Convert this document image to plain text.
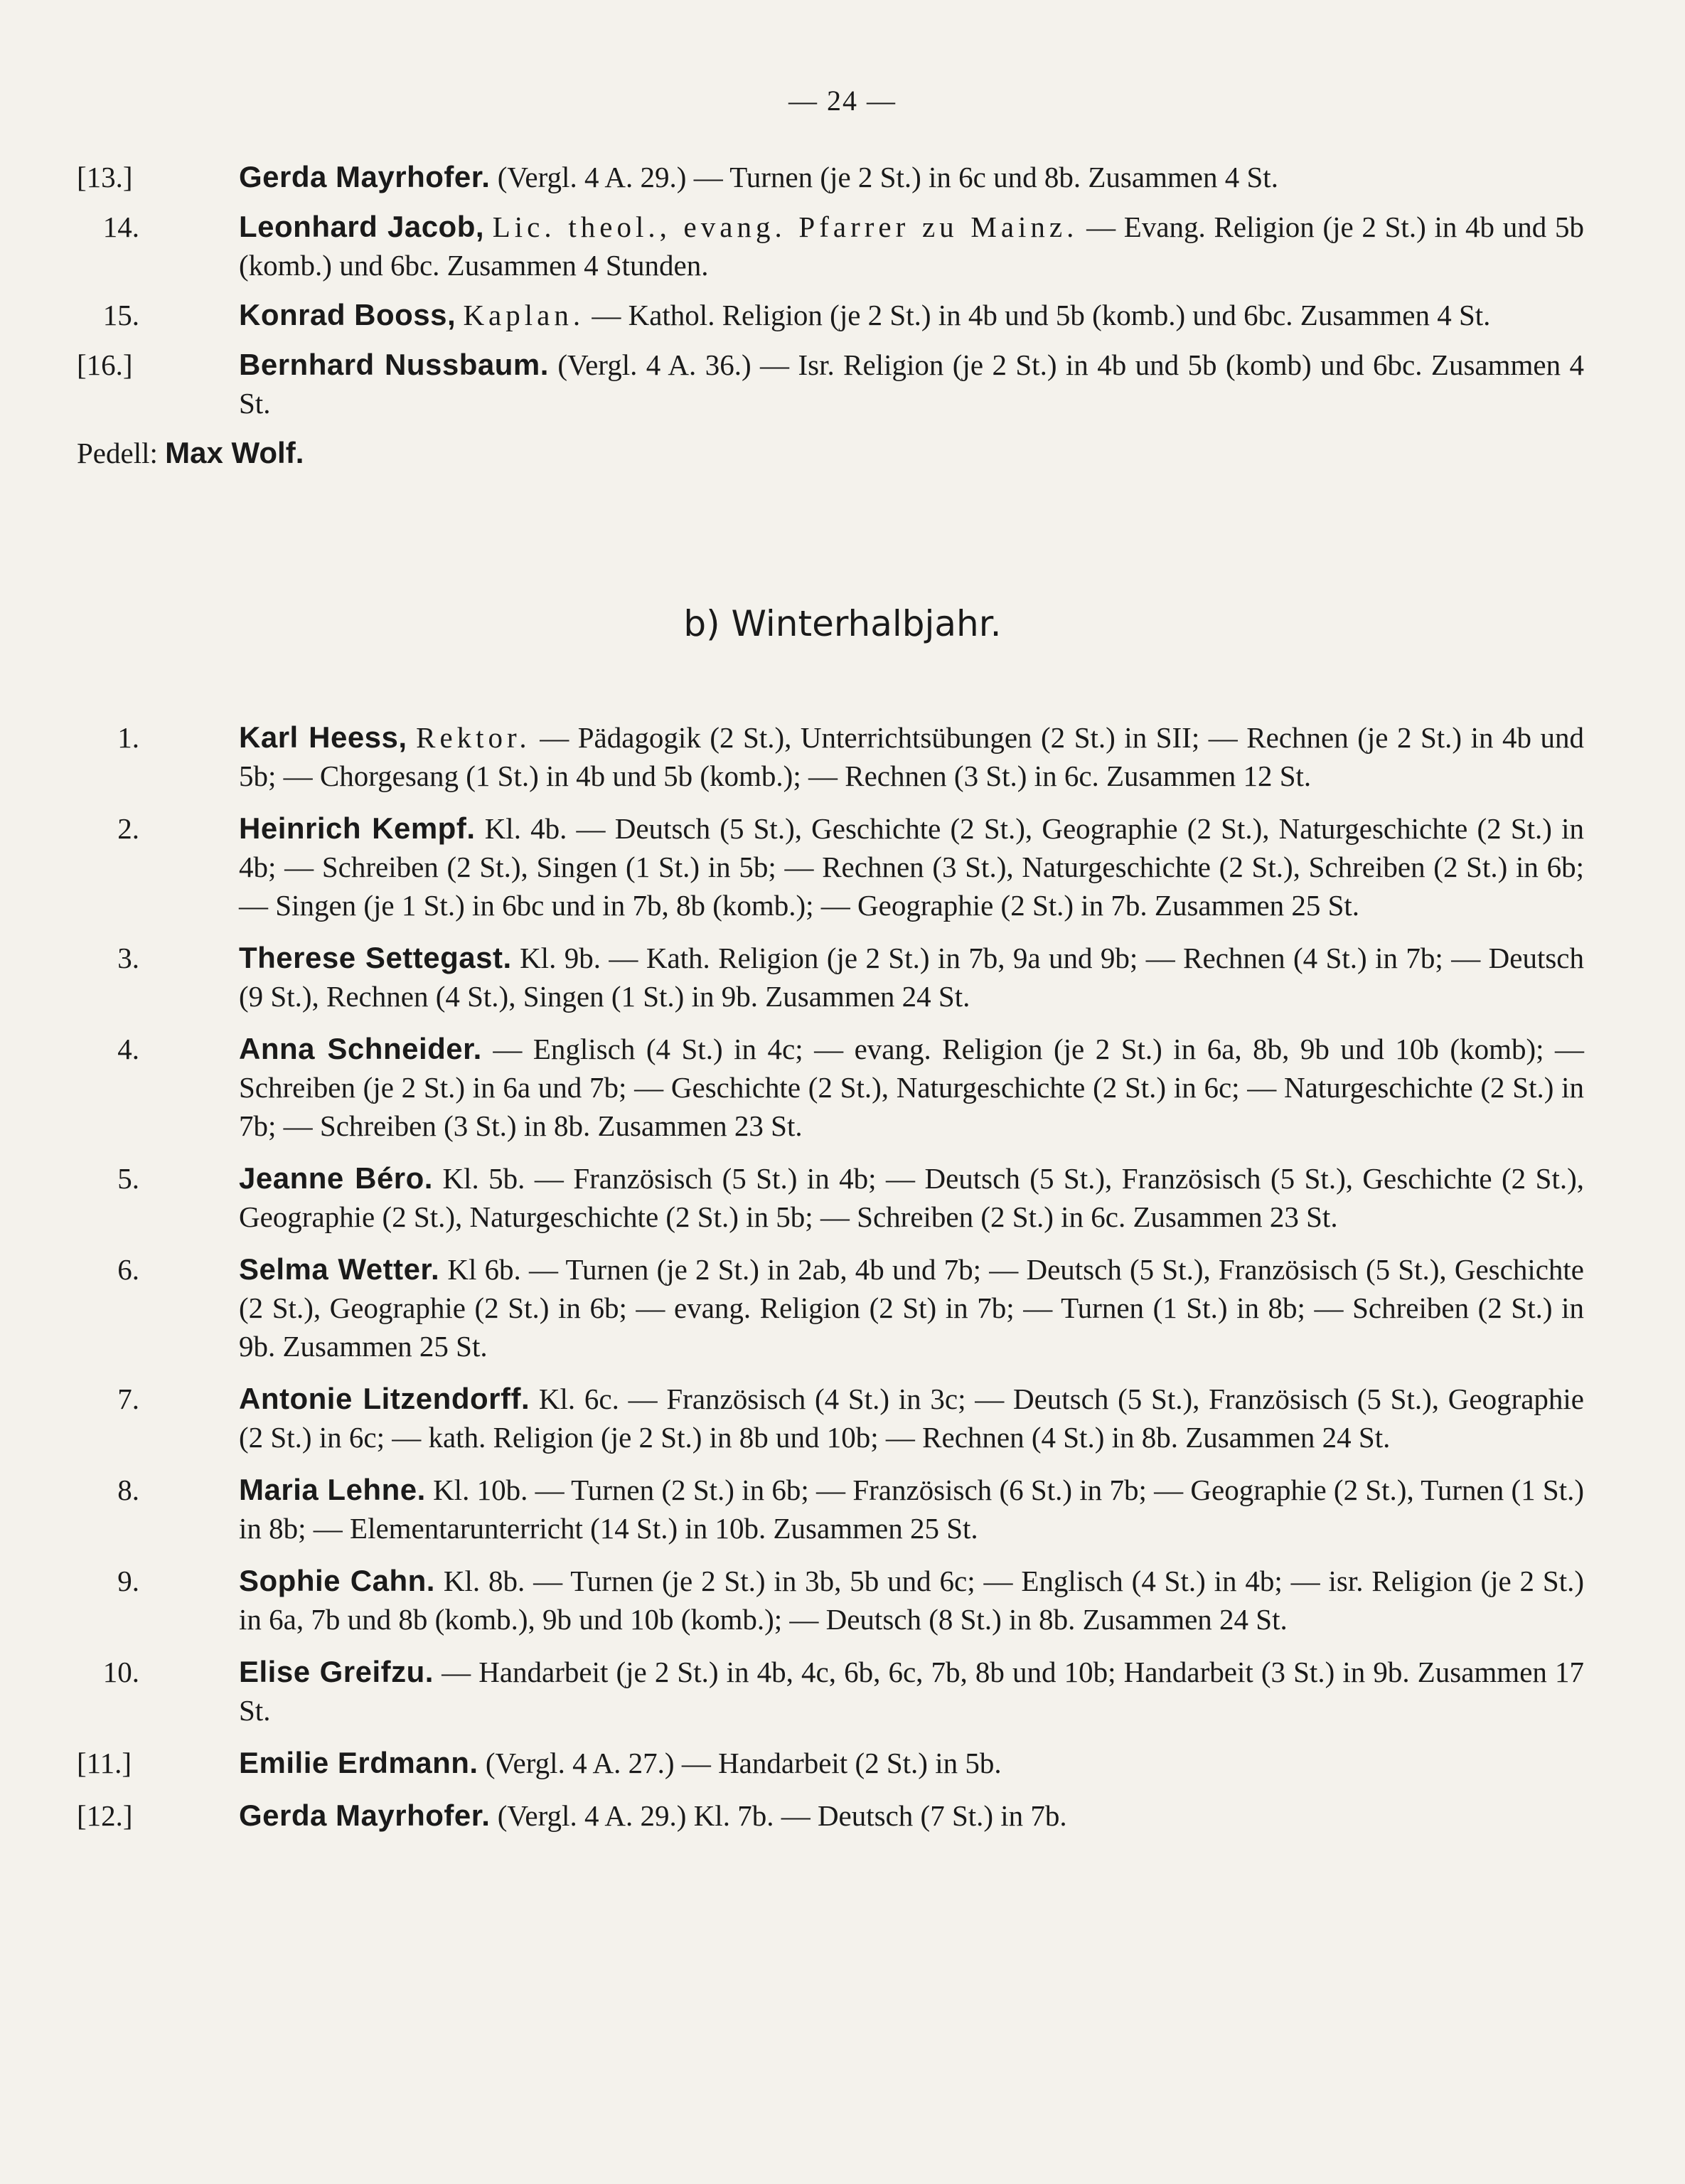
— 24 —
[13.]	Gerda Mayrhofer. (Vergl. 4 A. 29.) — Turnen (je 2 St.) in 6c und 8b. Zusammen 4 St.
14.	Leonhard Jacob, Lic. theol., evang. Pfarrer zu Mainz. — Evang. Religion (je 2 St.) in 4b und 5b (komb.) und 6bc. Zusammen 4 Stunden.
15.	Konrad Booss, Kaplan. — Kathol. Religion (je 2 St.) in 4b und 5b (komb.) und 6bc. Zusammen 4 St.
[16.]	Bernhard Nussbaum. (Vergl. 4 A. 36.) — Isr. Religion (je 2 St.) in 4b und 5b (komb) und 6bc. Zusammen 4 St.
Pedell: Max Wolf.
b) Winterhalbjahr.
1.	Karl Heess, Rektor. — Pädagogik (2 St.), Unterrichtsübungen (2 St.) in SII; — Rechnen (je 2 St.) in 4b und 5b; — Chorgesang (1 St.) in 4b und 5b (komb.); — Rechnen (3 St.) in 6c. Zusammen 12 St.
2.	Heinrich Kempf. Kl. 4b. — Deutsch (5 St.), Geschichte (2 St.), Geographie (2 St.), Naturgeschichte (2 St.) in 4b; — Schreiben (2 St.), Singen (1 St.) in 5b; — Rechnen (3 St.), Naturgeschichte (2 St.), Schreiben (2 St.) in 6b; — Singen (je 1 St.) in 6bc und in 7b, 8b (komb.); — Geographie (2 St.) in 7b. Zusammen 25 St.
3.	Therese Settegast. Kl. 9b. — Kath. Religion (je 2 St.) in 7b, 9a und 9b; — Rechnen (4 St.) in 7b; — Deutsch (9 St.), Rechnen (4 St.), Singen (1 St.) in 9b. Zusammen 24 St.
4.	Anna Schneider. — Englisch (4 St.) in 4c; — evang. Religion (je 2 St.) in 6a, 8b, 9b und 10b (komb); — Schreiben (je 2 St.) in 6a und 7b; — Geschichte (2 St.), Naturgeschichte (2 St.) in 6c; — Naturgeschichte (2 St.) in 7b; — Schreiben (3 St.) in 8b. Zusammen 23 St.
5.	Jeanne Béro. Kl. 5b. — Französisch (5 St.) in 4b; — Deutsch (5 St.), Französisch (5 St.), Geschichte (2 St.), Geographie (2 St.), Naturgeschichte (2 St.) in 5b; — Schreiben (2 St.) in 6c. Zusammen 23 St.
6.	Selma Wetter. Kl 6b. — Turnen (je 2 St.) in 2ab, 4b und 7b; — Deutsch (5 St.), Französisch (5 St.), Geschichte (2 St.), Geographie (2 St.) in 6b; — evang. Religion (2 St) in 7b; — Turnen (1 St.) in 8b; — Schreiben (2 St.) in 9b. Zusammen 25 St.
7.	Antonie Litzendorff. Kl. 6c. — Französisch (4 St.) in 3c; — Deutsch (5 St.), Französisch (5 St.), Geographie (2 St.) in 6c; — kath. Religion (je 2 St.) in 8b und 10b; — Rechnen (4 St.) in 8b. Zusammen 24 St.
8.	Maria Lehne. Kl. 10b. — Turnen (2 St.) in 6b; — Französisch (6 St.) in 7b; — Geographie (2 St.), Turnen (1 St.) in 8b; — Elementarunterricht (14 St.) in 10b. Zusammen 25 St.
9.	Sophie Cahn. Kl. 8b. — Turnen (je 2 St.) in 3b, 5b und 6c; — Englisch (4 St.) in 4b; — isr. Religion (je 2 St.) in 6a, 7b und 8b (komb.), 9b und 10b (komb.); — Deutsch (8 St.) in 8b. Zusammen 24 St.
10.	Elise Greifzu. — Handarbeit (je 2 St.) in 4b, 4c, 6b, 6c, 7b, 8b und 10b; Handarbeit (3 St.) in 9b. Zusammen 17 St.
[11.]	Emilie Erdmann. (Vergl. 4 A. 27.) — Handarbeit (2 St.) in 5b.
[12.]	Gerda Mayrhofer. (Vergl. 4 A. 29.) Kl. 7b. — Deutsch (7 St.) in 7b.
